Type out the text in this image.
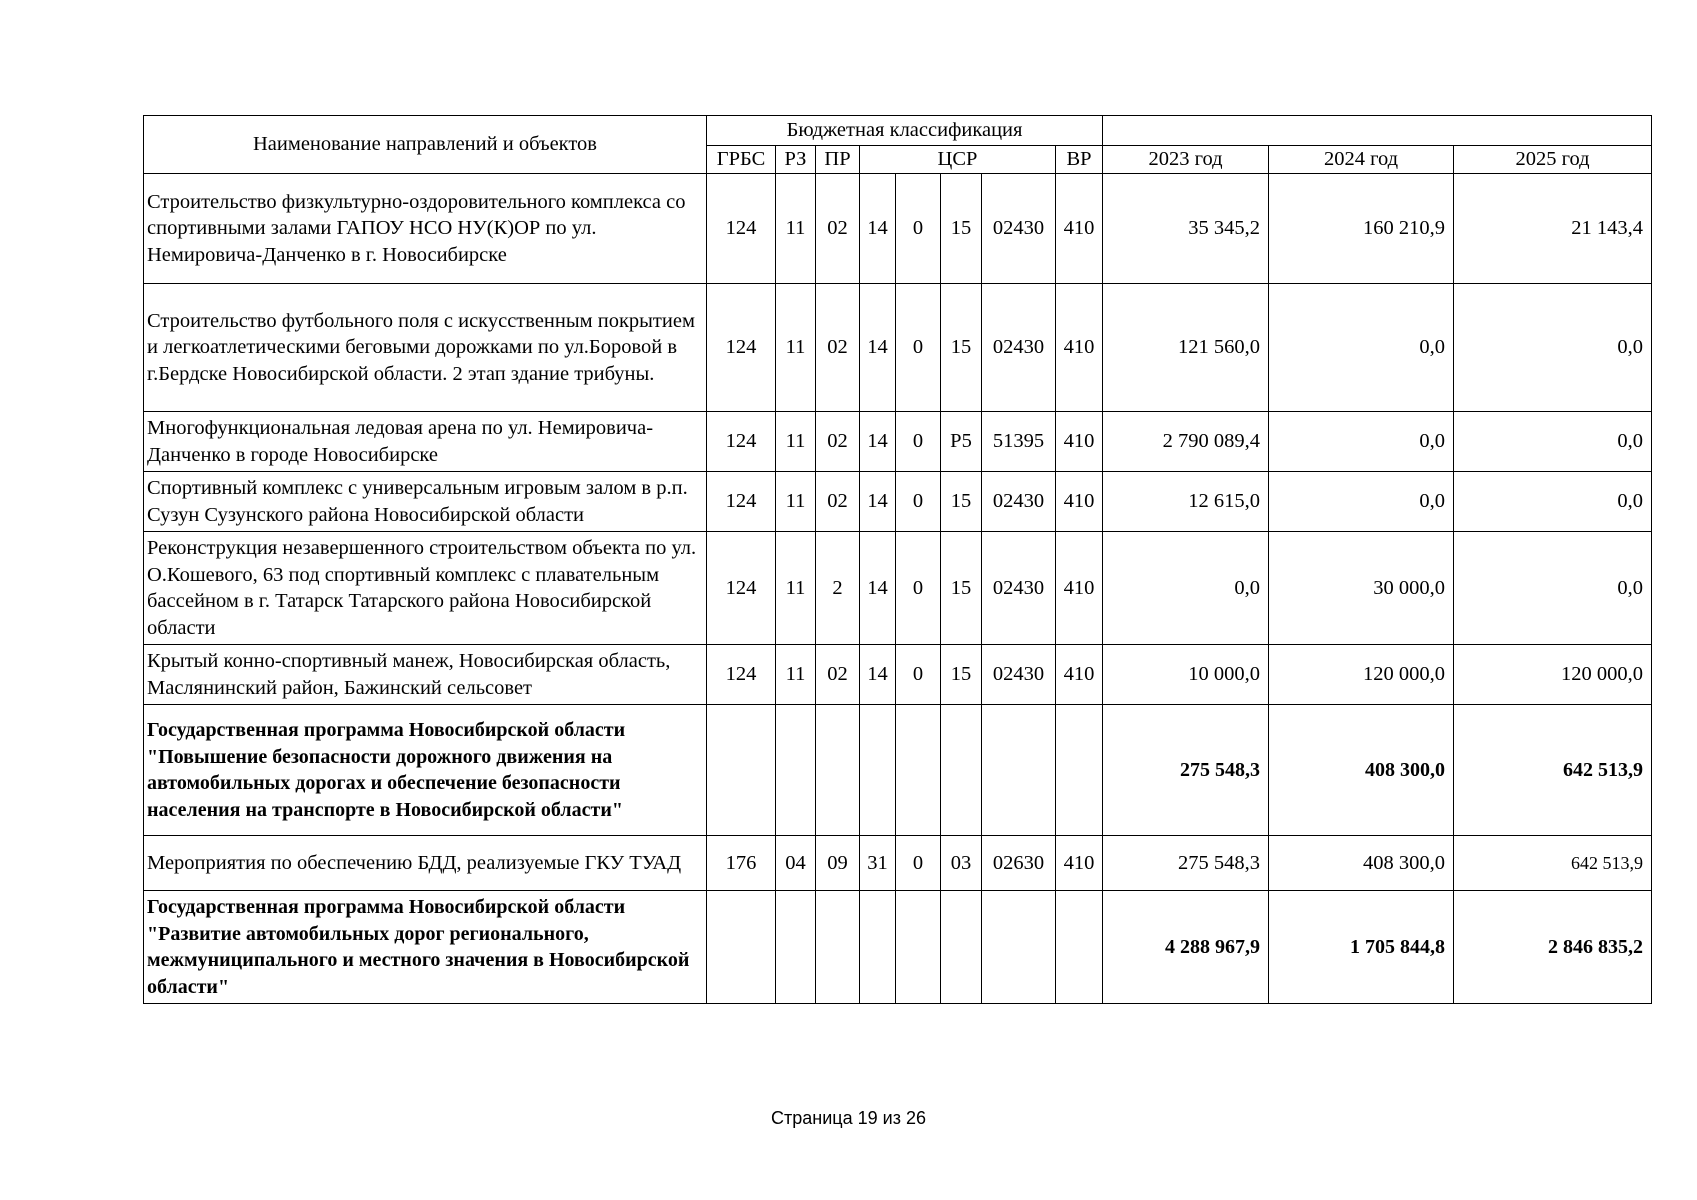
Наименование направлений и объектов	Бюджетная классификация										
	ГРБС	РЗ	ПР	ЦСР				ВР	2023 год	2024 год	2025 год
Строительство физкультурно-оздоровительного комплекса со спортивными залами ГАПОУ НСО НУ(К)ОР по ул. Немировича-Данченко в г. Новосибирске	124	11	02	14	0	15	02430	410	35 345,2	160 210,9	21 143,4
Строительство футбольного поля с искусственным покрытием и легкоатлетическими беговыми дорожками по ул.Боровой в г.Бердске Новосибирской области. 2 этап здание трибуны.	124	11	02	14	0	15	02430	410	121 560,0	0,0	0,0
Многофункциональная ледовая арена по ул. Немировича-Данченко в городе Новосибирске	124	11	02	14	0	P5	51395	410	2 790 089,4	0,0	0,0
Спортивный комплекс с универсальным игровым залом в р.п. Сузун Сузунского района Новосибирской области	124	11	02	14	0	15	02430	410	12 615,0	0,0	0,0
Реконструкция незавершенного строительством объекта по ул. О.Кошевого, 63 под спортивный комплекс с плавательным бассейном в г. Татарск Татарского района Новосибирской области	124	11	2	14	0	15	02430	410	0,0	30 000,0	0,0
Крытый конно-спортивный манеж, Новосибирская область, Маслянинский район, Бажинский сельсовет	124	11	02	14	0	15	02430	410	10 000,0	120 000,0	120 000,0
Государственная программа Новосибирской области "Повышение безопасности дорожного движения на автомобильных дорогах и обеспечение безопасности населения на транспорте в Новосибирской области"									275 548,3	408 300,0	642 513,9
Мероприятия по обеспечению БДД, реализуемые ГКУ ТУАД	176	04	09	31	0	03	02630	410	275 548,3	408 300,0	642 513,9
Государственная программа Новосибирской области "Развитие автомобильных дорог регионального, межмуниципального и местного значения в Новосибирской области"									4 288 967,9	1 705 844,8	2 846 835,2
Страница 19 из 26
